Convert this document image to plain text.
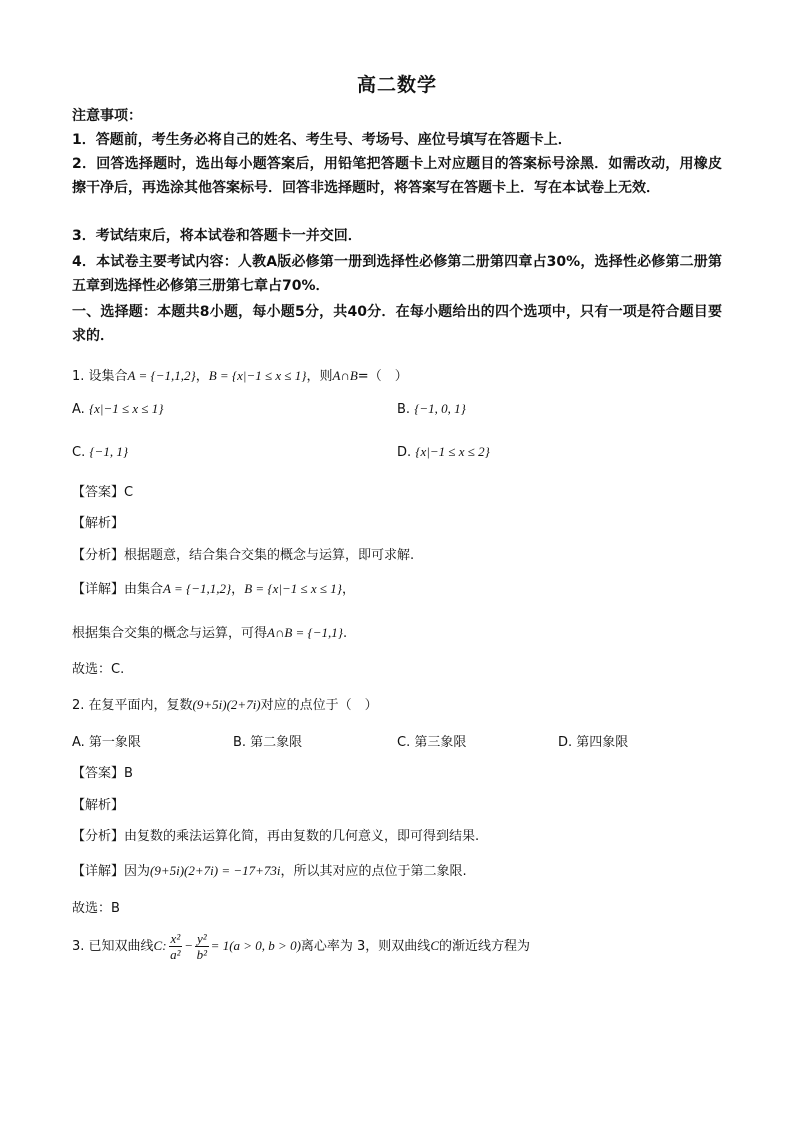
高二数学
注意事项：
1．答题前，考生务必将自己的姓名、考生号、考场号、座位号填写在答题卡上．
2．回答选择题时，选出每小题答案后，用铅笔把答题卡上对应题目的答案标号涂黑．如需改动，用橡皮擦干净后，再选涂其他答案标号．回答非选择题时，将答案写在答题卡上．写在本试卷上无效．
3．考试结束后，将本试卷和答题卡一并交回．
4．本试卷主要考试内容：人教A版必修第一册到选择性必修第二册第四章占30%，选择性必修第二册第五章到选择性必修第三册第七章占70%．
一、选择题：本题共8小题，每小题5分，共40分．在每小题给出的四个选项中，只有一项是符合题目要求的．
1. 设集合A = {−1,1,2}，B = {x|−1 ≤ x ≤ 1}，则A∩B=（　）
A. {x|−1 ≤ x ≤ 1}	B. {−1, 0, 1}
C. {−1, 1}	D. {x|−1 ≤ x ≤ 2}
【答案】C
【解析】
【分析】根据题意，结合集合交集的概念与运算，即可求解.
【详解】由集合A = {−1,1,2}，B = {x|−1 ≤ x ≤ 1}，
根据集合交集的概念与运算，可得A∩B = {−1,1}.
故选：C.
2. 在复平面内，复数(9+5i)(2+7i)对应的点位于（　）
A. 第一象限	B. 第二象限	C. 第三象限	D. 第四象限
【答案】B
【解析】
【分析】由复数的乘法运算化简，再由复数的几何意义，即可得到结果.
【详解】因为(9+5i)(2+7i) = −17+73i，所以其对应的点位于第二象限.
故选：B
3. 已知双曲线C: $\frac{\text{x²}}{\text{a²}} - \frac{\text{y²}}{\text{b²}} = 1(a > 0$, b > 0)离心率为 3，则双曲线C的渐近线方程为
